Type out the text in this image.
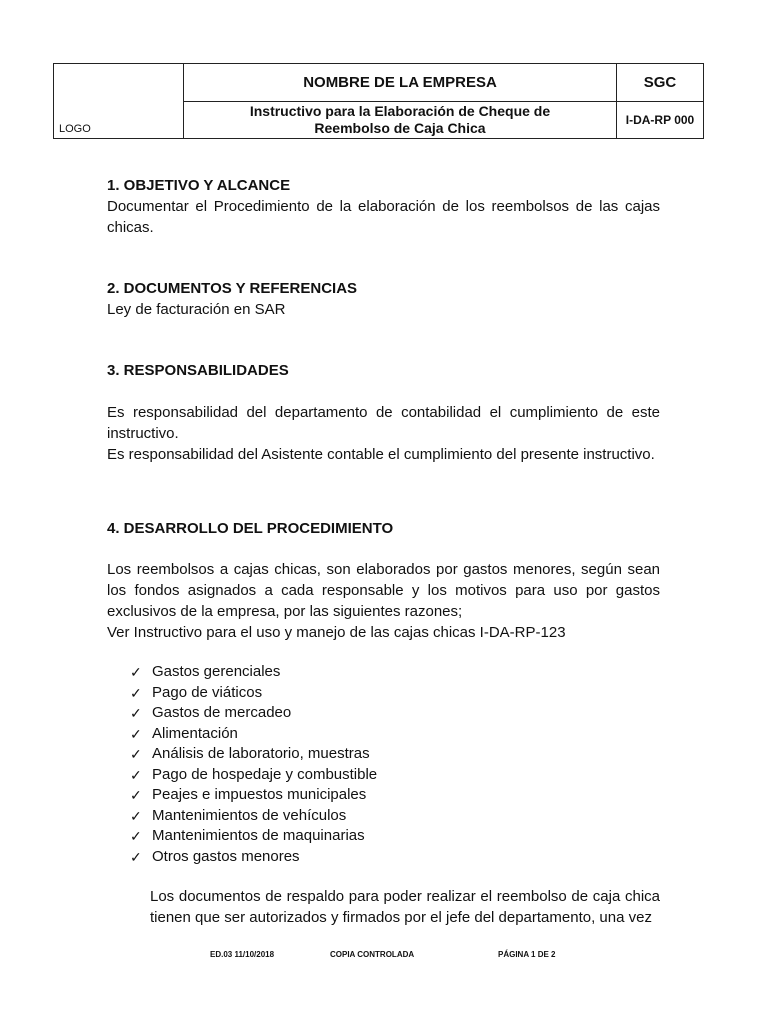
LOGO	NOMBRE DE LA EMPRESA	SGC

	Instructivo para la Elaboración de Cheque de
Reembolso de Caja Chica	I-DA-RP 000
1. OBJETIVO Y ALCANCE

Documentar el Procedimiento de la elaboración de los reembolsos de las cajas chicas.

2. DOCUMENTOS Y REFERENCIAS

Ley de facturación en SAR

3. RESPONSABILIDADES

Es responsabilidad del departamento de contabilidad el cumplimiento de este instructivo.

Es responsabilidad del Asistente contable el cumplimiento del presente instructivo.

4. DESARROLLO DEL PROCEDIMIENTO

Los reembolsos a cajas chicas, son elaborados por gastos menores, según sean los fondos asignados a cada responsable y los motivos para uso por gastos exclusivos de la empresa, por las siguientes razones;

Ver Instructivo para el uso y manejo de las cajas chicas I-DA-RP-123

✓ Gastos gerenciales
✓ Pago de viáticos
✓ Gastos de mercadeo
✓ Alimentación
✓ Análisis de laboratorio, muestras
✓ Pago de hospedaje y combustible
✓ Peajes e impuestos municipales
✓ Mantenimientos de vehículos
✓ Mantenimientos de maquinarias
✓ Otros gastos menores

Los documentos de respaldo para poder realizar el reembolso de caja chica tienen que ser autorizados y firmados por el jefe del departamento, una vez

ED.03 11/10/2018	COPIA CONTROLADA	PÁGINA 1 DE 2
